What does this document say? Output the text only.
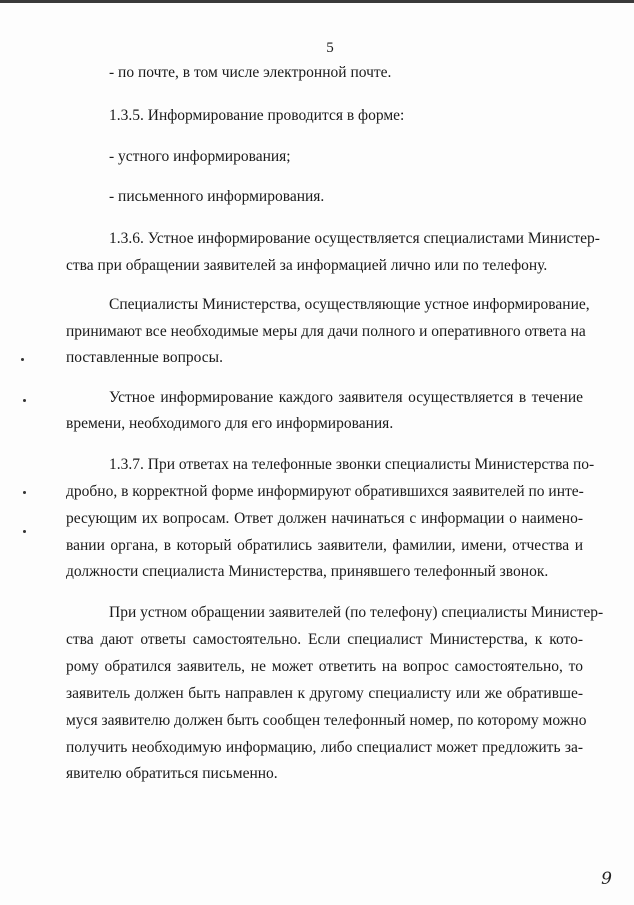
5
- по почте, в том числе электронной почте.
1.3.5. Информирование проводится в форме:
- устного информирования;
- письменного информирования.
1.3.6. Устное информирование осуществляется специалистами Министер-
ства при обращении заявителей за информацией лично или по телефону.
Специалисты Министерства, осуществляющие устное информирование,
принимают все необходимые меры для дачи полного и оперативного ответа на
поставленные вопросы.
Устное информирование каждого заявителя осуществляется в течение
времени, необходимого для его информирования.
1.3.7. При ответах на телефонные звонки специалисты Министерства по-
дробно, в корректной форме информируют обратившихся заявителей по инте-
ресующим их вопросам. Ответ должен начинаться с информации о наимено-
вании органа, в который обратились заявители, фамилии, имени, отчества и
должности специалиста Министерства, принявшего телефонный звонок.
При устном обращении заявителей (по телефону) специалисты Министер-
ства дают ответы самостоятельно. Если специалист Министерства, к кото-
рому обратился заявитель, не может ответить на вопрос самостоятельно, то
заявитель должен быть направлен к другому специалисту или же обративше-
муся заявителю должен быть сообщен телефонный номер, по которому можно
получить необходимую информацию, либо специалист может предложить за-
явителю обратиться письменно.
9
